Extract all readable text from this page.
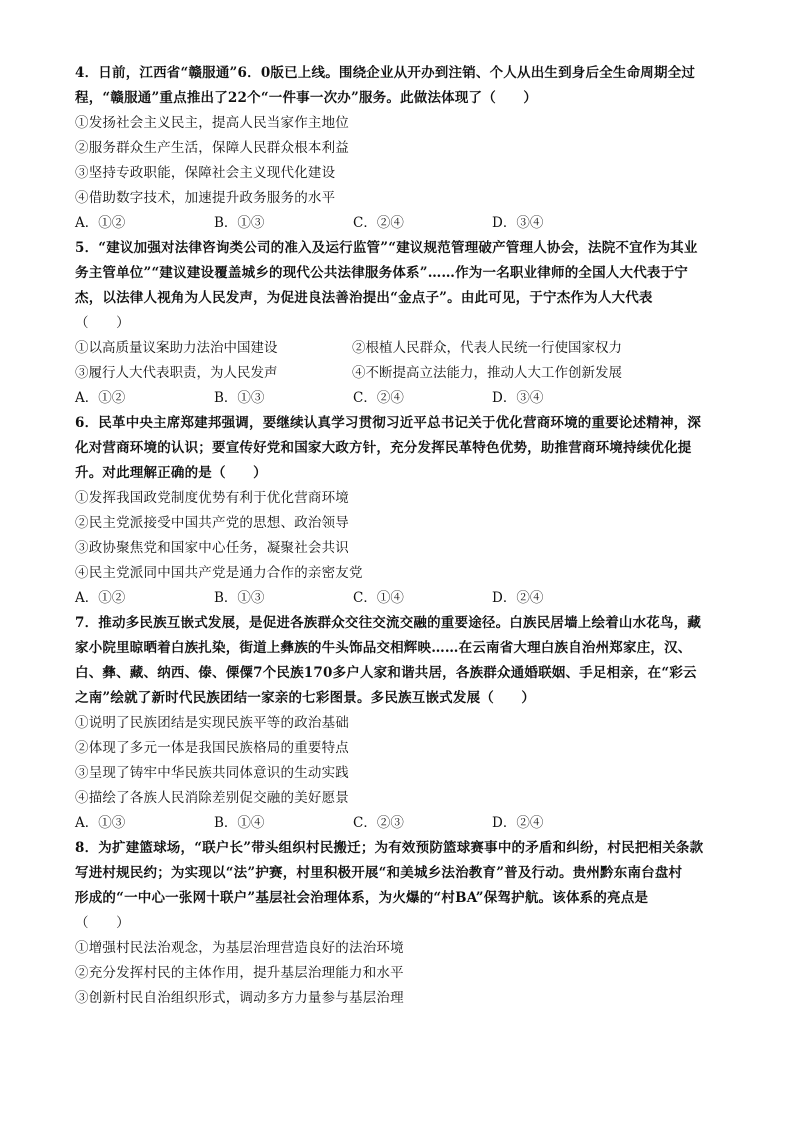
4．日前，江西省“赣服通”6．0版已上线。围绕企业从开办到注销、个人从出生到身后全生命周期全过
程，“赣服通”重点推出了22个“一件事一次办”服务。此做法体现了（　　）
①发扬社会主义民主，提高人民当家作主地位
②服务群众生产生活，保障人民群众根本利益
③坚持专政职能，保障社会主义现代化建设
④借助数字技术，加速提升政务服务的水平
A．①②	B．①③	C．②④	D．③④
5．“建议加强对法律咨询类公司的准入及运行监管”“建议规范管理破产管理人协会，法院不宜作为其业
务主管单位”“建议建设覆盖城乡的现代公共法律服务体系”……作为一名职业律师的全国人大代表于宁
杰，以法律人视角为人民发声，为促进良法善治提出“金点子”。由此可见，于宁杰作为人大代表
（　　）
①以高质量议案助力法治中国建设	②根植人民群众，代表人民统一行使国家权力
③履行人大代表职责，为人民发声	④不断提高立法能力，推动人大工作创新发展
A．①②	B．①③	C．②④	D．③④
6．民革中央主席郑建邦强调，要继续认真学习贯彻习近平总书记关于优化营商环境的重要论述精神，深
化对营商环境的认识；要宣传好党和国家大政方针，充分发挥民革特色优势，助推营商环境持续优化提
升。对此理解正确的是（　　）
①发挥我国政党制度优势有利于优化营商环境
②民主党派接受中国共产党的思想、政治领导
③政协聚焦党和国家中心任务，凝聚社会共识
④民主党派同中国共产党是通力合作的亲密友党
A．①②	B．①③	C．①④	D．②④
7．推动多民族互嵌式发展，是促进各族群众交往交流交融的重要途径。白族民居墙上绘着山水花鸟，藏
家小院里晾晒着白族扎染，街道上彝族的牛头饰品交相辉映……在云南省大理白族自治州郑家庄，汉、
白、彝、藏、纳西、傣、傈僳7个民族170多户人家和谐共居，各族群众通婚联姻、手足相亲，在“彩云
之南”绘就了新时代民族团结一家亲的七彩图景。多民族互嵌式发展（　　）
①说明了民族团结是实现民族平等的政治基础
②体现了多元一体是我国民族格局的重要特点
③呈现了铸牢中华民族共同体意识的生动实践
④描绘了各族人民消除差别促交融的美好愿景
A．①③	B．①④	C．②③	D．②④
8．为扩建篮球场，“联户长”带头组织村民搬迁；为有效预防篮球赛事中的矛盾和纠纷，村民把相关条款
写进村规民约；为实现以“法”护赛，村里积极开展“和美城乡法治教育”普及行动。贵州黔东南台盘村
形成的“一中心一张网十联户”基层社会治理体系，为火爆的“村BA”保驾护航。该体系的亮点是
（　　）
①增强村民法治观念，为基层治理营造良好的法治环境
②充分发挥村民的主体作用，提升基层治理能力和水平
③创新村民自治组织形式，调动多方力量参与基层治理
